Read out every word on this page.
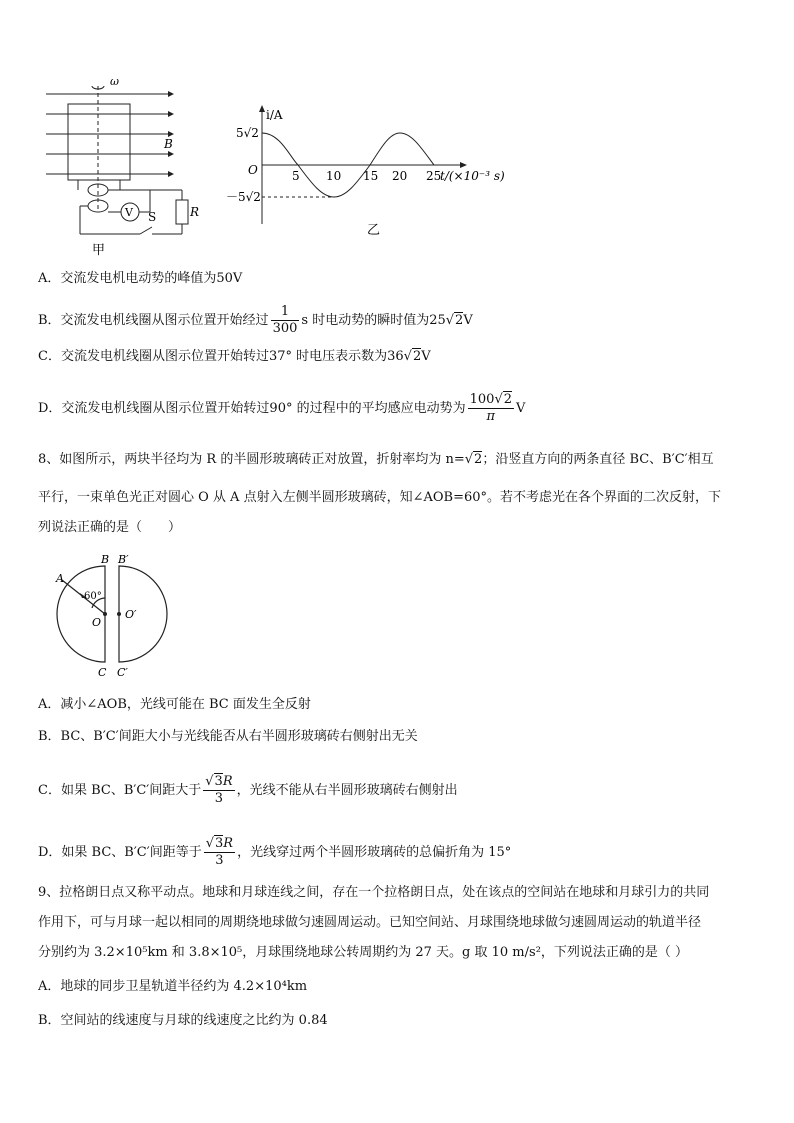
ω
B
V S	R
甲
i/A
5√2
O
－5√2
5 10 15 20 25
t/(×10⁻³ s)
乙
A．交流发电机电动势的峰值为50V
B．交流发电机线圈从图示位置开始经过 $\frac{1}{300}$ s 时电动势的瞬时值为25√2V
C．交流发电机线圈从图示位置开始转过37° 时电压表示数为36√2V
D．交流发电机线圈从图示位置开始转过90° 的过程中的平均感应电动势为 $\frac{100√2}{\pi}$ V
8、如图所示，两块半径均为 R 的半圆形玻璃砖正对放置，折射率均为 n=√2；沿竖直方向的两条直径 BC、B′C′相互
平行，一束单色光正对圆心 O 从 A 点射入左侧半圆形玻璃砖，知∠AOB=60°。若不考虑光在各个界面的二次反射，下
列说法正确的是（　　）
B B′
A
60°
O
O′
C C′
A．减小∠AOB，光线可能在 BC 面发生全反射
B．BC、B′C′间距大小与光线能否从右半圆形玻璃砖右侧射出无关
C．如果 BC、B′C′间距大于 $\frac{√3R}{3}$ ，光线不能从右半圆形玻璃砖右侧射出
D．如果 BC、B′C′间距等于 $\frac{√3R}{3}$ ，光线穿过两个半圆形玻璃砖的总偏折角为 15°
9、拉格朗日点又称平动点。地球和月球连线之间，存在一个拉格朗日点，处在该点的空间站在地球和月球引力的共同
作用下，可与月球一起以相同的周期绕地球做匀速圆周运动。已知空间站、月球围绕地球做匀速圆周运动的轨道半径
分别约为 3.2×10⁵km 和 3.8×10⁵，月球围绕地球公转周期约为 27 天。g 取 10 m/s²，下列说法正确的是（ ）
A．地球的同步卫星轨道半径约为 4.2×10⁴km
B．空间站的线速度与月球的线速度之比约为 0.84
